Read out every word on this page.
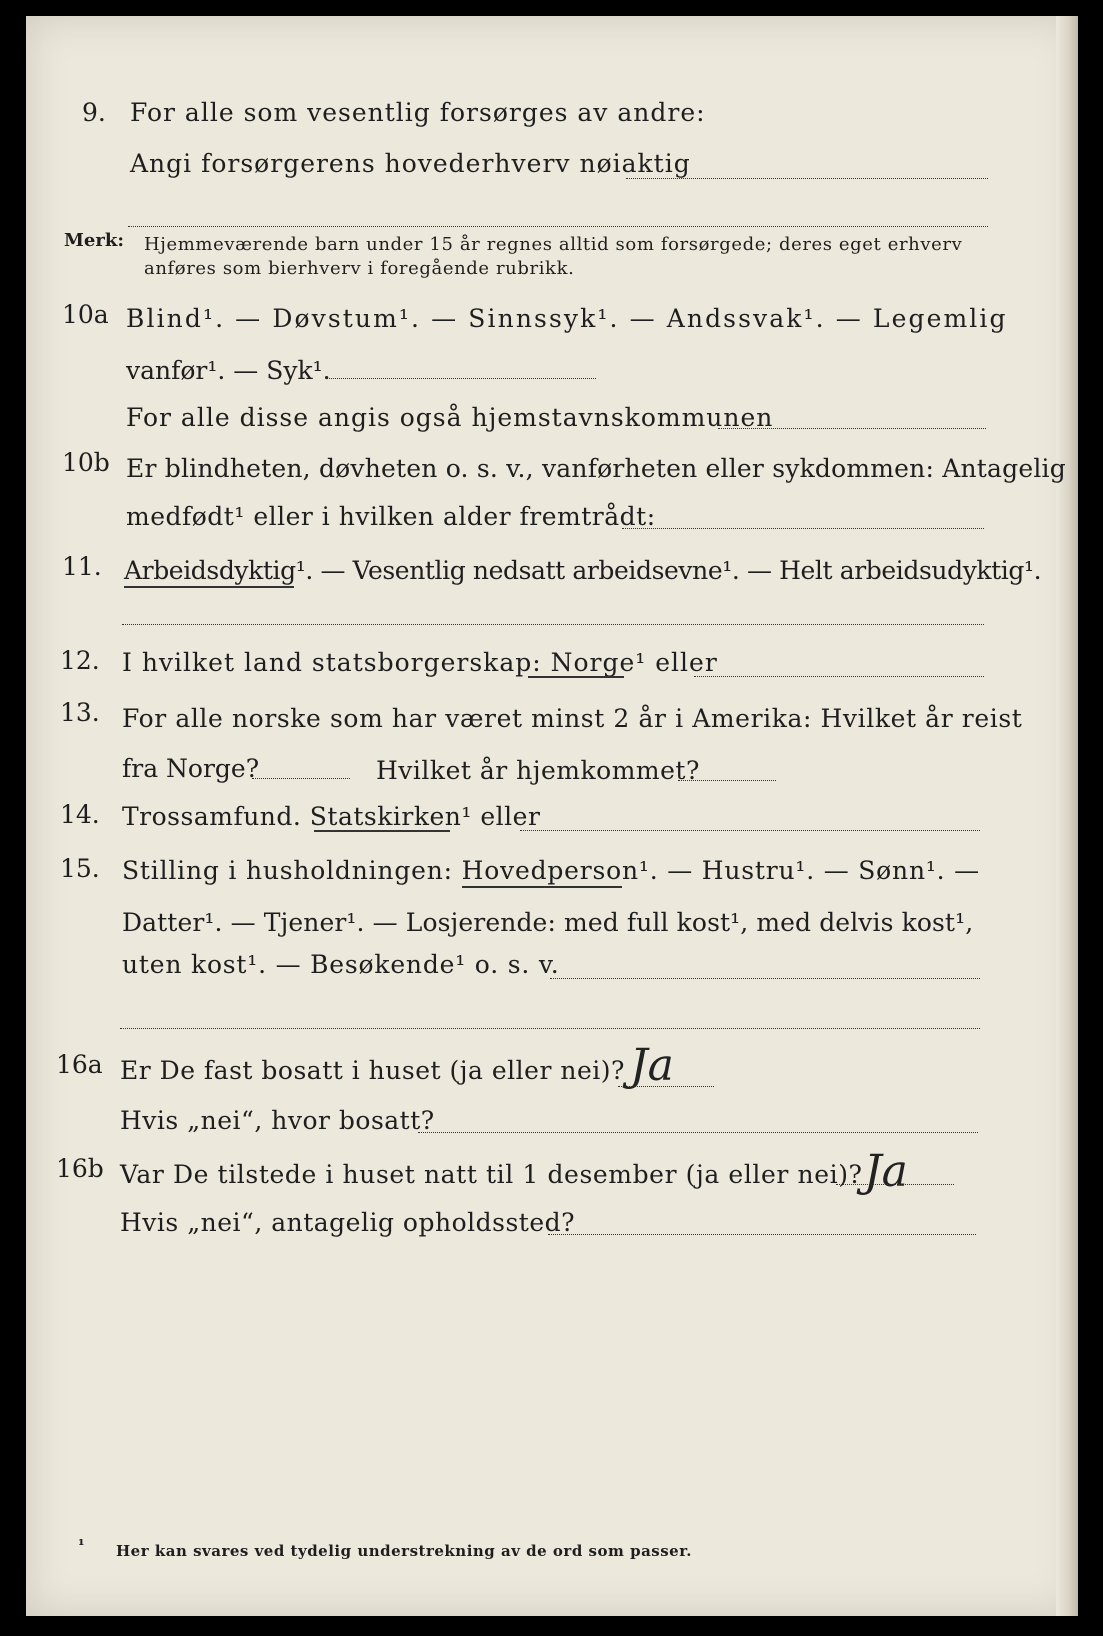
9. For alle som vesentlig forsørges av andre:
Angi forsørgerens hovederhverv nøiaktig
Merk: Hjemmeværende barn under 15 år regnes alltid som forsørgede; deres eget erhverv
anføres som bierhverv i foregående rubrikk.
10a Blind¹. — Døvstum¹. — Sinnssyk¹. — Andssvak¹. — Legemlig
vanfør¹. — Syk¹.
For alle disse angis også hjemstavnskommunen
10b Er blindheten, døvheten o. s. v., vanførheten eller sykdommen: Antagelig
medfødt¹ eller i hvilken alder fremtrådt:
11. Arbeidsdyktig¹. — Vesentlig nedsatt arbeidsevne¹. — Helt arbeidsudyktig¹.
12. I hvilket land statsborgerskap: Norge¹ eller
13. For alle norske som har været minst 2 år i Amerika: Hvilket år reist
fra Norge?	Hvilket år hjemkommet?
14. Trossamfund. Statskirken¹ eller
15. Stilling i husholdningen: Hovedperson¹. — Hustru¹. — Sønn¹. —
Datter¹. — Tjener¹. — Losjerende: med full kost¹, med delvis kost¹,
uten kost¹. — Besøkende¹ o. s. v.
16a Er De fast bosatt i huset (ja eller nei)? Ja
Hvis „nei“, hvor bosatt?
16b Var De tilstede i huset natt til 1 desember (ja eller nei)? Ja
Hvis „nei“, antagelig opholdssted?
¹ Her kan svares ved tydelig understrekning av de ord som passer.
